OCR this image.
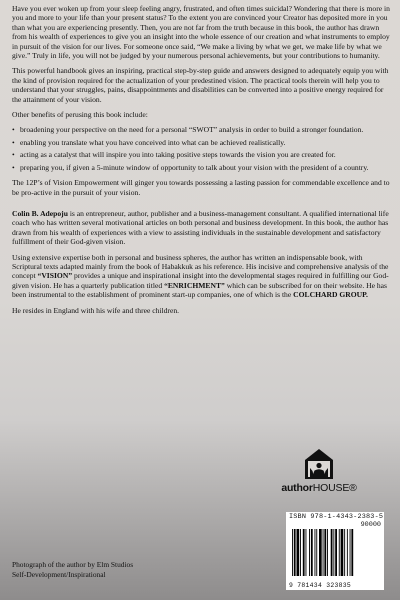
Have you ever woken up from your sleep feeling angry, frustrated, and often times suicidal? Wondering that there is more in you and more to your life than your present status? To the extent you are convinced your Creator has deposited more in you than what you are experiencing presently. Then, you are not far from the truth because in this book, the author has drawn from his wealth of experiences to give you an insight into the whole essence of our creation and what instruments to employ in pursuit of the vision for our lives. For someone once said, “We make a living by what we get, we make life by what we give.” Truly in life, you will not be judged by your numerous personal achievements, but your contributions to humanity.

This powerful handbook gives an inspiring, practical step-by-step guide and answers designed to adequately equip you with the kind of provision required for the actualization of your predestined vision. The practical tools therein will help you to understand that your struggles, pains, disappointments and disabilities can be converted into a positive energy required for the attainment of your vision.

Other benefits of perusing this book include:

• broadening your perspective on the need for a personal “SWOT” analysis in order to build a stronger foundation.
• enabling you translate what you have conceived into what can be achieved realistically.
• acting as a catalyst that will inspire you into taking positive steps towards the vision you are created for.
• preparing you, if given a 5-minute window of opportunity to talk about your vision with the president of a country.

The 12P’s of Vision Empowerment will ginger you towards possessing a lasting passion for commendable excellence and to be pro-active in the pursuit of your vision.

Colin B. Adepoju is an entrepreneur, author, publisher and a business-management consultant. A qualified international life coach who has written several motivational articles on both personal and business development. In this book, the author has drawn from his wealth of experiences with a view to assisting individuals in the sustainable development and satisfactory fulfillment of their God-given vision.

Using extensive expertise both in personal and business spheres, the author has written an indispensable book, with Scriptural texts adapted mainly from the book of Habakkuk as his reference. His incisive and comprehensive analysis of the concept “VISION” provides a unique and inspirational insight into the developmental stages required in fulfilling our God-given vision. He has a quarterly publication titled “ENRICHMENT” which can be subscribed for on their website. He has been instrumental to the establishment of prominent start-up companies, one of which is the COLCHARD GROUP.

He resides in England with his wife and three children.

authorHOUSE®
ISBN 978-1-4343-2383-5
90000
9 781434 323835
Photograph of the author by Elm Studios
Self-Development/Inspirational
